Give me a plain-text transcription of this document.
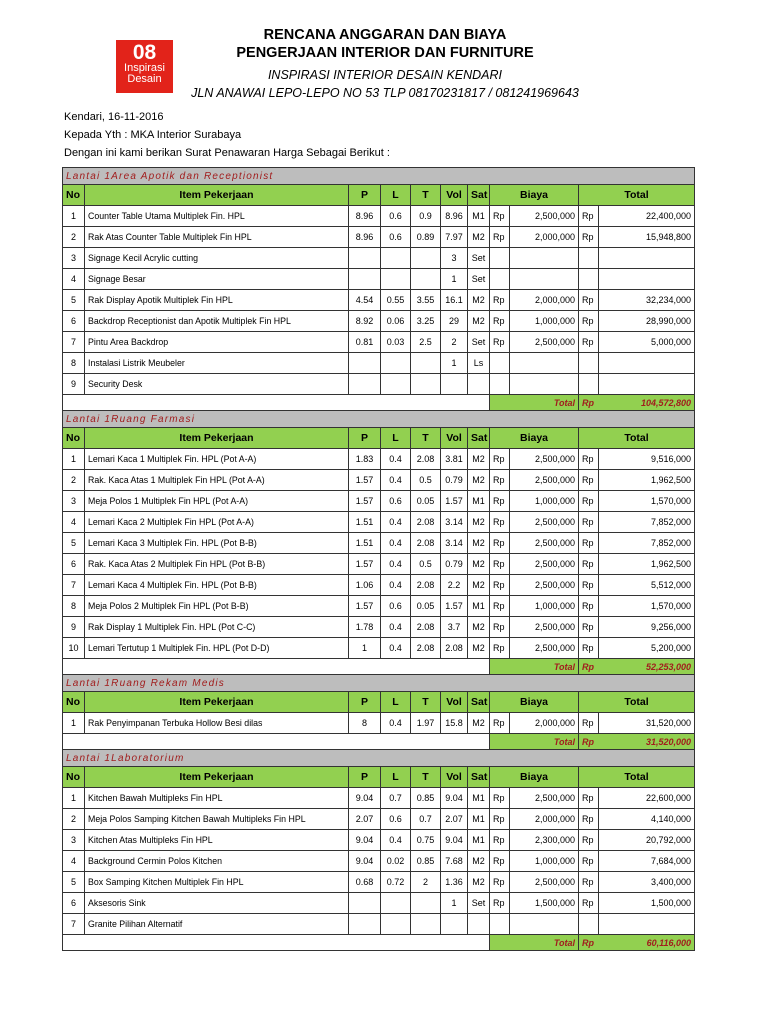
08
Inspirasi
Desain
RENCANA ANGGARAN DAN BIAYA
PENGERJAAN INTERIOR DAN FURNITURE
INSPIRASI INTERIOR DESAIN KENDARI
JLN ANAWAI LEPO-LEPO NO 53 TLP 08170231817 / 081241969643
Kendari, 16-11-2016
Kepada Yth : MKA Interior Surabaya
Dengan ini kami berikan Surat Penawaran Harga Sebagai Berikut :
Lantai 1Area Apotik dan Receptionist										
No	Item Pekerjaan	P	L	T	Vol	Sat	Biaya		Total	
1	Counter Table Utama Multiplek Fin. HPL	8.96	0.6	0.9	8.96	M1	Rp	2,500,000	Rp	22,400,000
2	Rak Atas Counter Table Multiplek Fin HPL	8.96	0.6	0.89	7.97	M2	Rp	2,000,000	Rp	15,948,800
3	Signage Kecil Acrylic cutting				3	Set				
4	Signage Besar				1	Set				
5	Rak Display Apotik Multiplek Fin HPL	4.54	0.55	3.55	16.1	M2	Rp	2,000,000	Rp	32,234,000
6	Backdrop Receptionist dan Apotik Multiplek Fin HPL	8.92	0.06	3.25	29	M2	Rp	1,000,000	Rp	28,990,000
7	Pintu Area Backdrop	0.81	0.03	2.5	2	Set	Rp	2,500,000	Rp	5,000,000
8	Instalasi Listrik Meubeler				1	Ls				
9	Security Desk									
							Total		Rp	104,572,800
Lantai 1Ruang Farmasi										
No	Item Pekerjaan	P	L	T	Vol	Sat	Biaya		Total	
1	Lemari Kaca 1 Multiplek Fin. HPL (Pot A-A)	1.83	0.4	2.08	3.81	M2	Rp	2,500,000	Rp	9,516,000
2	Rak. Kaca Atas 1 Multiplek Fin HPL (Pot A-A)	1.57	0.4	0.5	0.79	M2	Rp	2,500,000	Rp	1,962,500
3	Meja Polos 1 Multiplek Fin HPL (Pot A-A)	1.57	0.6	0.05	1.57	M1	Rp	1,000,000	Rp	1,570,000
4	Lemari Kaca 2 Multiplek Fin HPL (Pot A-A)	1.51	0.4	2.08	3.14	M2	Rp	2,500,000	Rp	7,852,000
5	Lemari Kaca 3 Multiplek Fin. HPL (Pot B-B)	1.51	0.4	2.08	3.14	M2	Rp	2,500,000	Rp	7,852,000
6	Rak. Kaca Atas 2 Multiplek Fin HPL (Pot B-B)	1.57	0.4	0.5	0.79	M2	Rp	2,500,000	Rp	1,962,500
7	Lemari Kaca 4 Multiplek Fin. HPL (Pot B-B)	1.06	0.4	2.08	2.2	M2	Rp	2,500,000	Rp	5,512,000
8	Meja Polos 2 Multiplek Fin HPL (Pot B-B)	1.57	0.6	0.05	1.57	M1	Rp	1,000,000	Rp	1,570,000
9	Rak Display 1 Multiplek Fin. HPL (Pot C-C)	1.78	0.4	2.08	3.7	M2	Rp	2,500,000	Rp	9,256,000
10	Lemari Tertutup 1 Multiplek Fin. HPL (Pot D-D)	1	0.4	2.08	2.08	M2	Rp	2,500,000	Rp	5,200,000
							Total		Rp	52,253,000
Lantai 1Ruang Rekam Medis										
No	Item Pekerjaan	P	L	T	Vol	Sat	Biaya		Total	
1	Rak Penyimpanan Terbuka Hollow Besi dilas	8	0.4	1.97	15.8	M2	Rp	2,000,000	Rp	31,520,000
							Total		Rp	31,520,000
Lantai 1Laboratorium										
No	Item Pekerjaan	P	L	T	Vol	Sat	Biaya		Total	
1	Kitchen Bawah Multipleks Fin HPL	9.04	0.7	0.85	9.04	M1	Rp	2,500,000	Rp	22,600,000
2	Meja Polos Samping Kitchen Bawah Multipleks Fin HPL	2.07	0.6	0.7	2.07	M1	Rp	2,000,000	Rp	4,140,000
3	Kitchen Atas Multipleks Fin HPL	9.04	0.4	0.75	9.04	M1	Rp	2,300,000	Rp	20,792,000
4	Background Cermin Polos Kitchen	9.04	0.02	0.85	7.68	M2	Rp	1,000,000	Rp	7,684,000
5	Box Samping Kitchen Multiplek Fin HPL	0.68	0.72	2	1.36	M2	Rp	2,500,000	Rp	3,400,000
6	Aksesoris Sink				1	Set	Rp	1,500,000	Rp	1,500,000
7	Granite Pilihan Alternatif									
							Total		Rp	60,116,000
